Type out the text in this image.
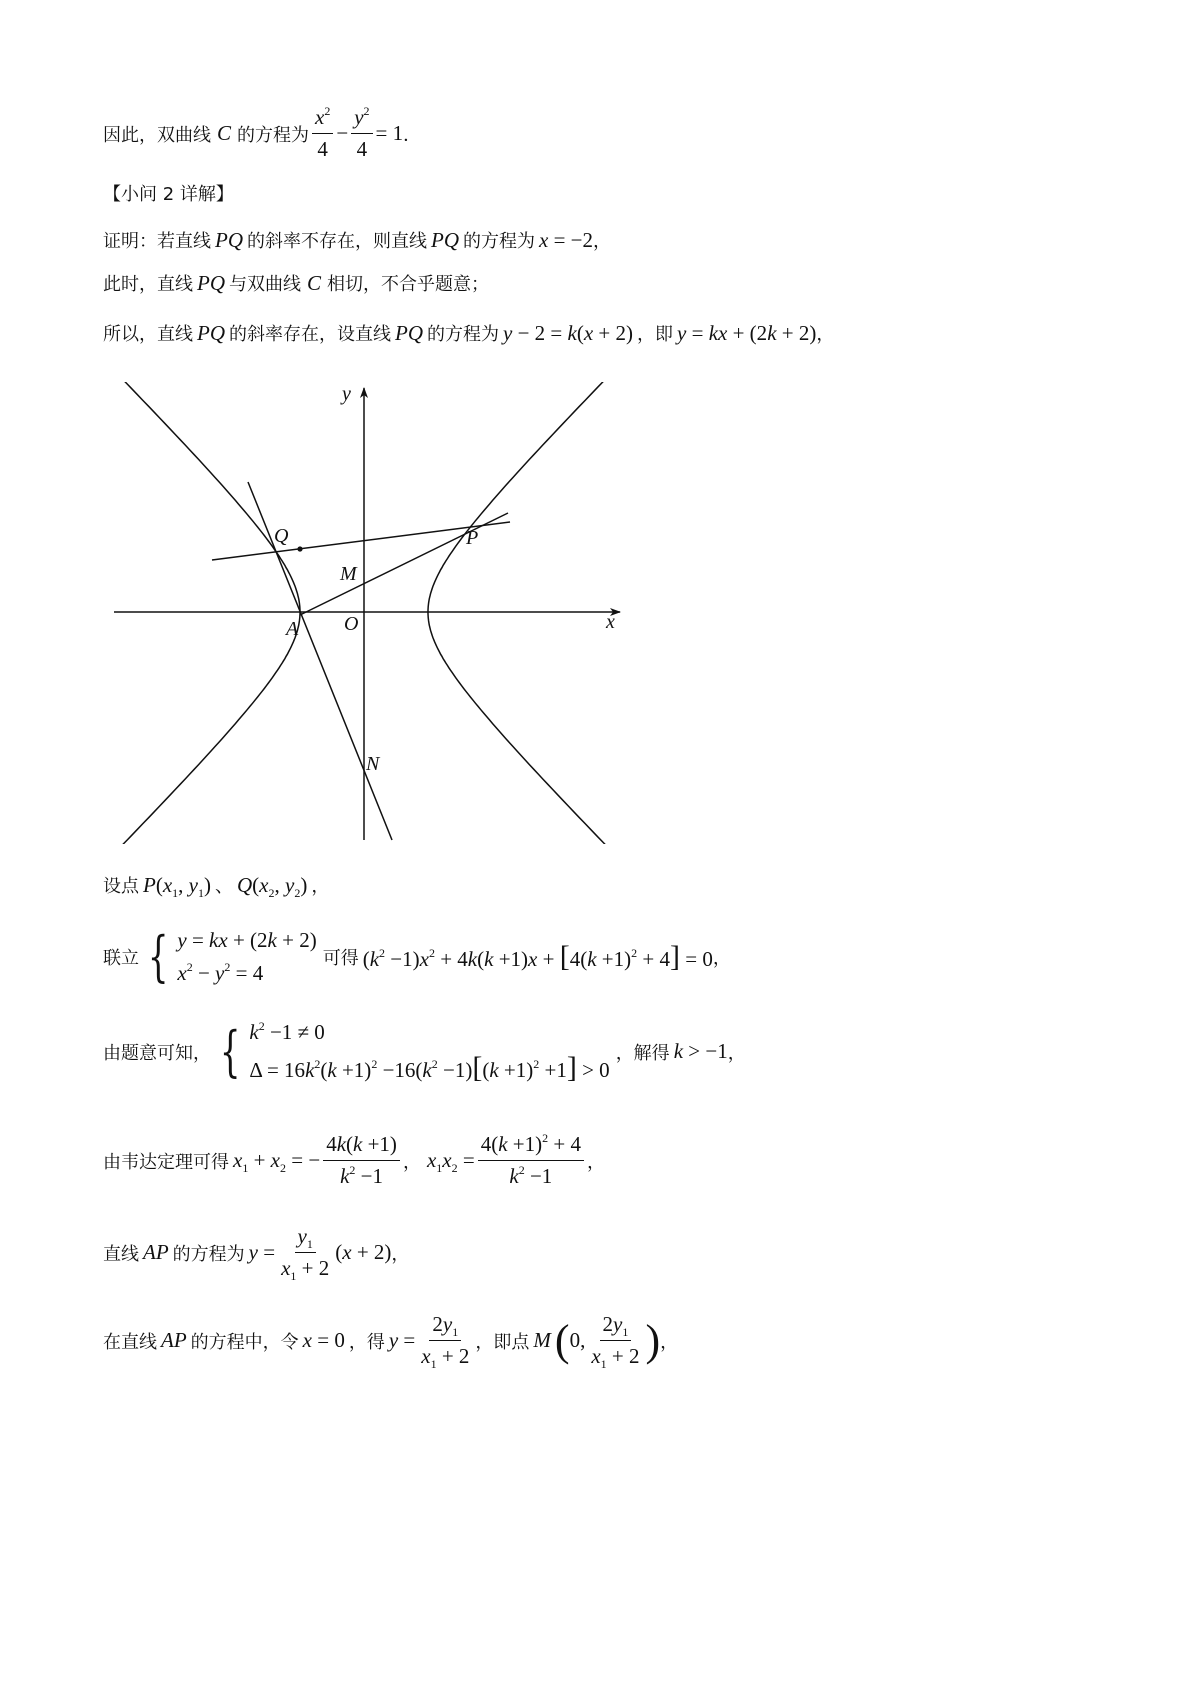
因此，双曲线 C 的方程为 $\frac{x^2}{4} - \frac{y^2}{4} = 1$ ．
【小问 2 详解】
证明：若直线 PQ 的斜率不存在，则直线 PQ 的方程为 x = −2 ，
此时，直线 PQ 与双曲线 C 相切，不合乎题意；
所以，直线 PQ 的斜率存在，设直线 PQ 的方程为 y − 2 = k(x + 2) ，即 y = kx + (2k + 2) ，
y
x
Q	P
M
A O
N
设点 $P(x_1$, $y_1$) 、 $Q(x_2$, $y_2$) ，
联立 { y = kx + (2k + 2)
$x^2 - y^2 = 4$
可得 $(k^2 -1)x^2 + 4k(k +1)x + [4(k +1)^2 + 4] = 0$ ，
由题意可知， { $k^2 -1 \ne 0$
$\Delta = 16k^2(k +1)^2 -16(k^2 -1)[(k +1)^2 +1] > 0$
，解得 k > −1 ，
由韦达定理可得 $x_1 + x_2$ = − $\frac{4k(k +1)}{k^2 -1}$ ， $x_1x_2 = \frac{4(k +1)^2 + 4}{k^2 -1}$ ，
直线 AP 的方程为 $y = \frac{y_1}{x_1 + 2} (x + 2)$ ，
在直线 AP 的方程中，令 x = 0 ，得 $y = \frac{2y_1}{x_1 + 2}$ ，即点 M ( 0, $\frac{2y_1}{x_1 + 2}$ ) ，
